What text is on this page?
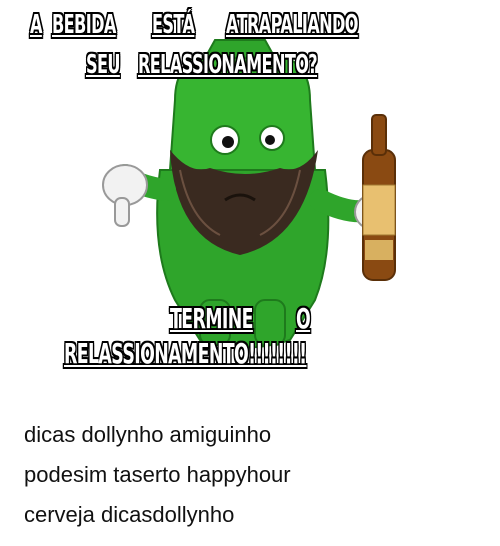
A BEBIDA ESTÁ ATRAPALIANDO
SEU RELASSIONAMENTO?
TERMINE O
RELASSIONAMENTO!!!!!!!!
dicas dollynho amiguinho
podesim taserto happyhour
cerveja dicasdollynho
